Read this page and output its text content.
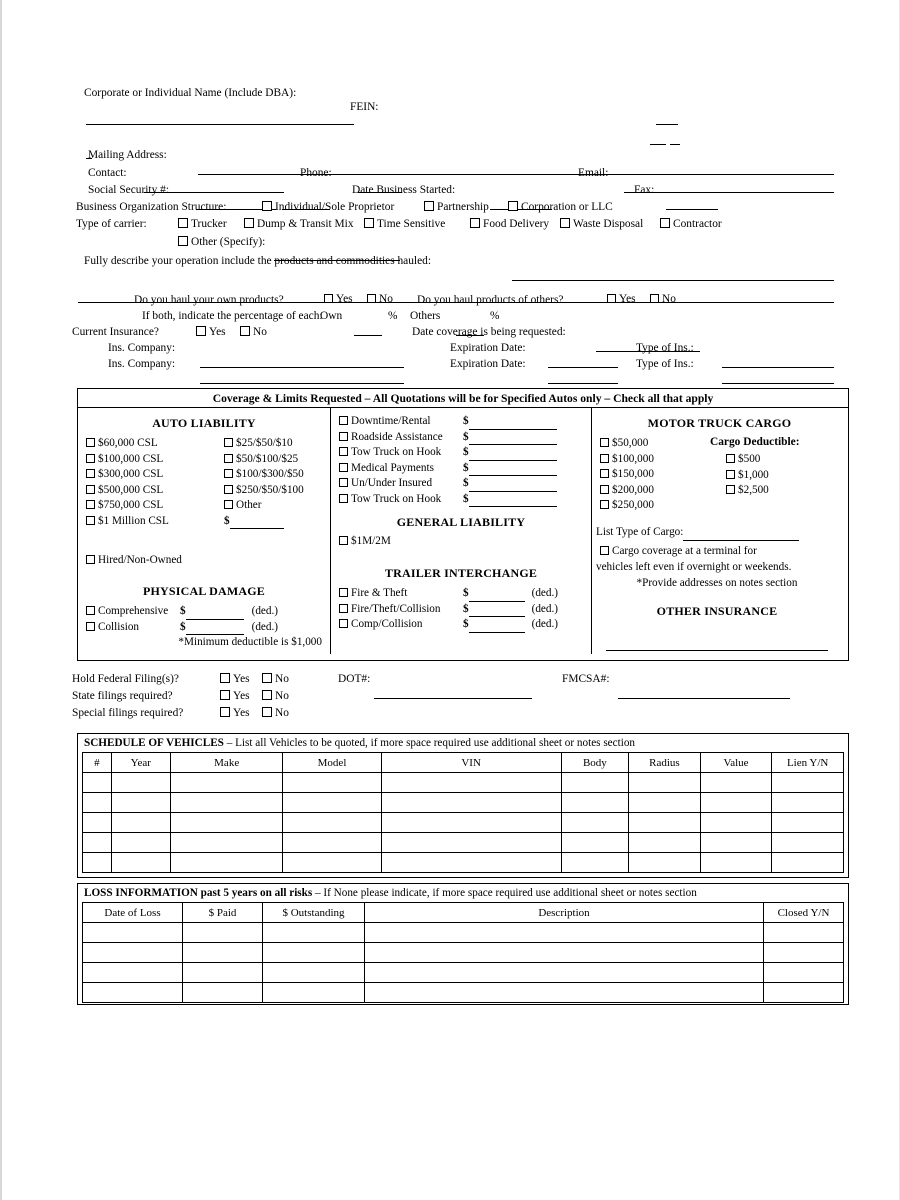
Corporate or Individual Name (Include DBA):
FEIN:
Mailing Address:
Contact:	Phone:	Email:
Social Security #:	Date Business Started:	Fax:
Business Organization Structure:	Individual/Sole Proprietor	Partnership	Corporation or LLC
Type of carrier:	Trucker	Dump & Transit Mix	Time Sensitive	Food Delivery	Waste Disposal	Contractor
Other (Specify):
Fully describe your operation include the products and commodities hauled:
Do you haul your own products?	Yes	No Do you haul products of others?	Yes	No
If both, indicate the percentage of each:
Own	% Others	%
Current Insurance?	Yes	No	Date coverage is being requested:
Ins. Company:	Expiration Date:	Type of Ins.:
Ins. Company:	Expiration Date:	Type of Ins.:
Coverage & Limits Requested – All Quotations will be for Specified Autos only – Check all that apply
AUTO LIABILITY
$60,000 CSL
$100,000 CSL
$300,000 CSL
$500,000 CSL
$750,000 CSL
$1 Million CSL
$25/$50/$10
$50/$100/$25
$100/$300/$50
$250/$50/$100
Other
$
Hired/Non-Owned
PHYSICAL DAMAGE
Comprehensive $	(ded.)
Collision	$	(ded.)
*Minimum deductible is $1,000
Downtime/Rental	$
Roadside Assistance $
Tow Truck on Hook $
Medical Payments	$
Un/Under Insured	$
Tow Truck on Hook $
GENERAL LIABILITY
$1M/2M
TRAILER INTERCHANGE
Fire & Theft	$	(ded.)
Fire/Theft/Collision $	(ded.)
Comp/Collision	$	(ded.)
MOTOR TRUCK CARGO
$50,000
$100,000
$150,000
$200,000
$250,000
Cargo Deductible:
$500
$1,000
$2,500
List Type of Cargo:
Cargo coverage at a terminal for
vehicles left even if overnight or weekends.
*Provide addresses on notes section
OTHER INSURANCE
Hold Federal Filing(s)?	Yes	No
State filings required?	Yes	No
Special filings required?	Yes	No
DOT#:	FMCSA#:
SCHEDULE OF VEHICLES – List all Vehicles to be quoted, if more space required use additional sheet or notes section
#	Year	Make	Model	VIN	Body	Radius	Value	Lien Y/N

LOSS INFORMATION past 5 years on all risks – If None please indicate, if more space required use additional sheet or notes section
Date of Loss	$ Paid	$ Outstanding	Description	Closed Y/N
